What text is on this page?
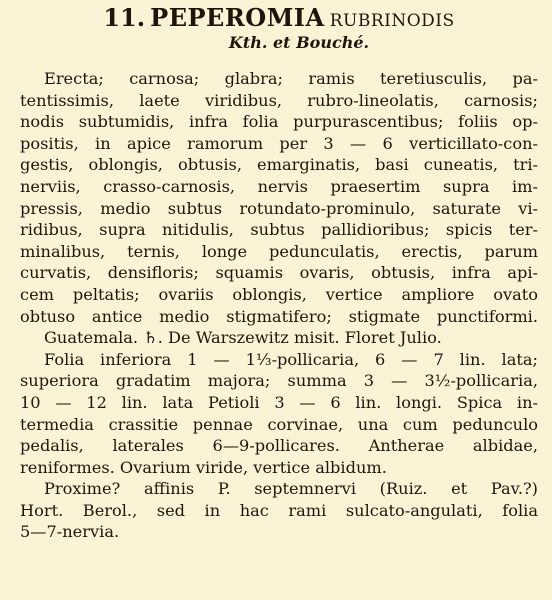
11. PEPEROMIA RUBRINODIS
Kth. et Bouché.
Erecta; carnosa; glabra; ramis teretiusculis, pa-
tentissimis, laete viridibus, rubro-lineolatis, carnosis;
nodis subtumidis, infra folia purpurascentibus; foliis op-
positis, in apice ramorum per 3 — 6 verticillato-con-
gestis, oblongis, obtusis, emarginatis, basi cuneatis, tri-
nerviis, crasso-carnosis, nervis praesertim supra im-
pressis, medio subtus rotundato-prominulo, saturate vi-
ridibus, supra nitidulis, subtus pallidioribus; spicis ter-
minalibus, ternis, longe pedunculatis, erectis, parum
curvatis, densifloris; squamis ovaris, obtusis, infra api-
cem peltatis; ovariis oblongis, vertice ampliore ovato
obtuso antice medio stigmatifero; stigmate punctiformi.
Guatemala. ♄. De Warszewitz misit. Floret Julio.
Folia inferiora 1 — 1⅓-pollicaria, 6 — 7 lin. lata;
superiora gradatim majora; summa 3 — 3½-pollicaria,
10 — 12 lin. lata Petioli 3 — 6 lin. longi. Spica in-
termedia crassitie pennae corvinae, una cum pedunculo
pedalis, laterales 6—9-pollicares. Antherae albidae,
reniformes. Ovarium viride, vertice albidum.
Proxime? affinis P. septemnervi (Ruiz. et Pav.?)
Hort. Berol., sed in hac rami sulcato-angulati, folia
5—7-nervia.
